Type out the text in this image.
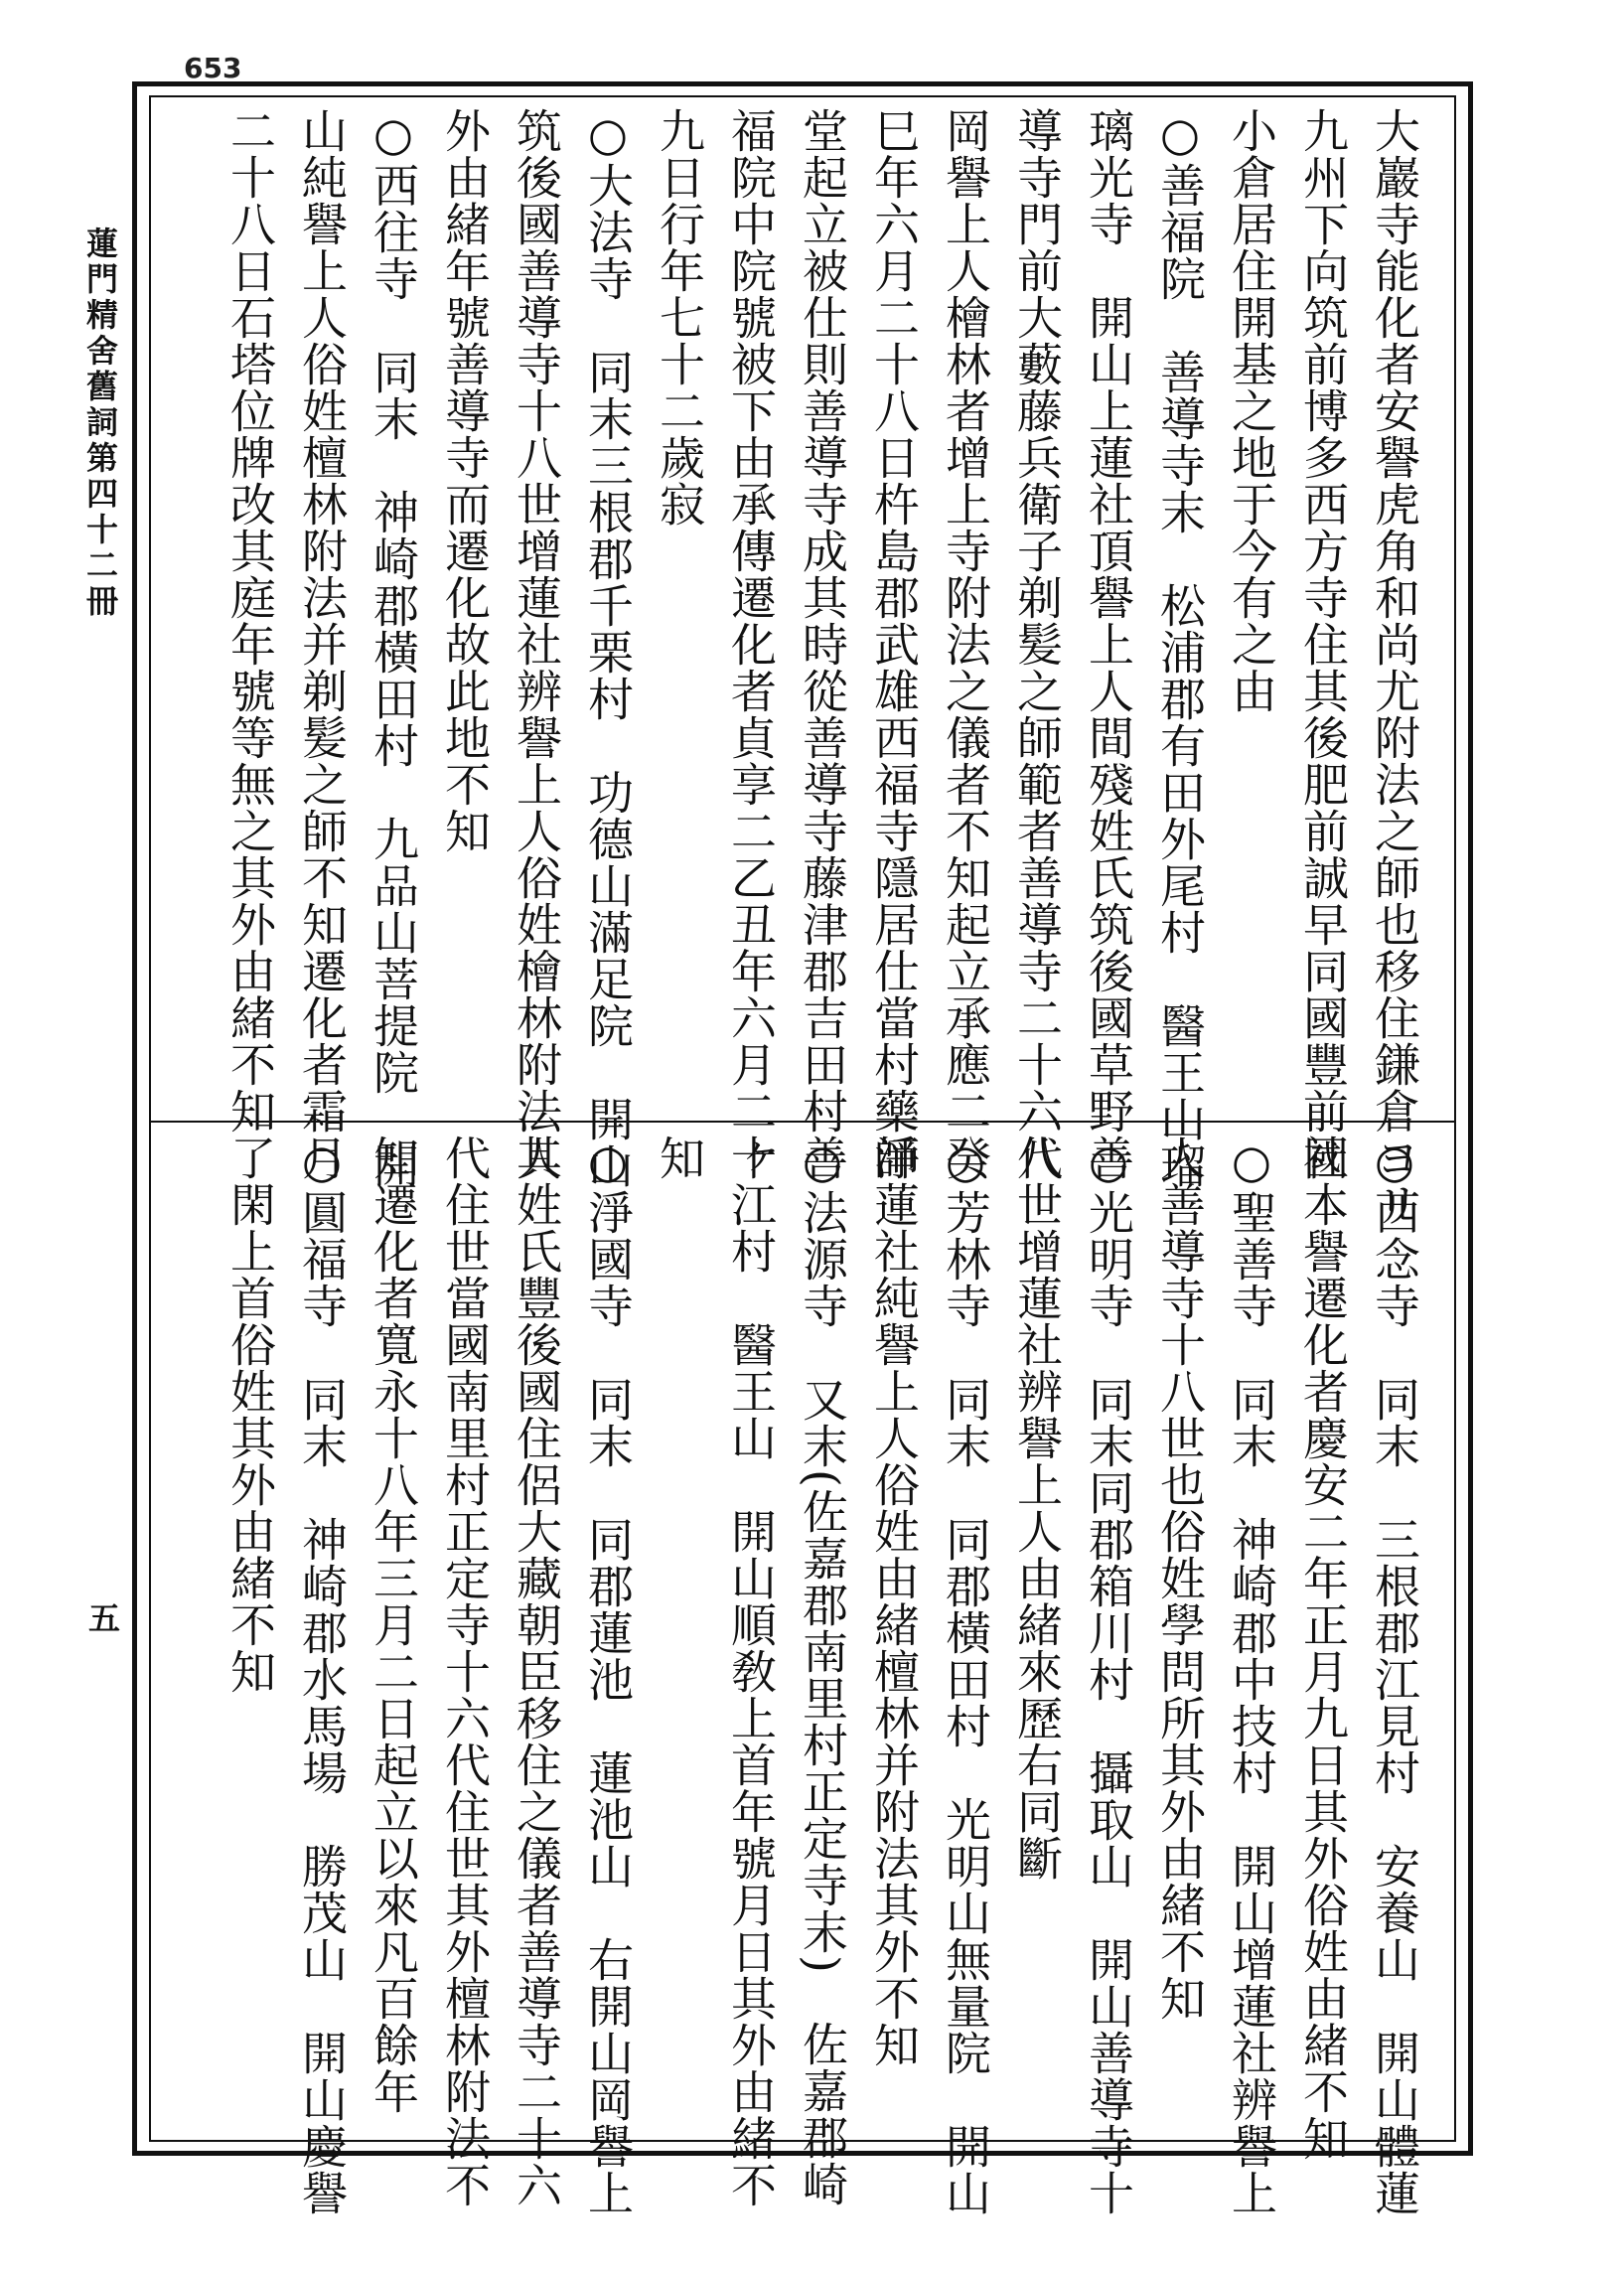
653
蓮門精舍舊詞第四十二冊
五
大巖寺能化者安譽虎角和尚尤附法之師也移住鎌倉ヨリ
九州下向筑前博多西方寺住其後肥前誠早同國豐前國
小倉居住開基之地于今有之由
○善福院　善導寺末　松浦郡有田外尾村　醫王山瑠
璃光寺　開山上蓮社頂譽上人間殘姓氏筑後國草野善
導寺門前大藪藤兵衛子剃髪之師範者善導寺二十六代
岡譽上人檜林者增上寺附法之儀者不知起立承應二癸
巳年六月二十八日杵島郡武雄西福寺隱居仕當村藥師
堂起立被仕則善導寺成其時從善導寺藤津郡吉田村善
福院中院號被下由承傳遷化者貞享二乙丑年六月二十
九日行年七十二歲寂
○大法寺　同末三根郡千栗村　功德山滿足院　開山
筑後國善導寺十八世增蓮社辨譽上人俗姓檜林附法其
外由緒年號善導寺而遷化故此地不知
○西往寺　同末　神崎郡橫田村　九品山菩提院　開
山純譽上人俗姓檀林附法并剃髪之師不知遷化者霜月
二十八日石塔位牌改其庭年號等無之其外由緒不知
○西念寺　同末　三根郡江見村　安養山　開山體蓮
社本譽遷化者慶安二年正月九日其外俗姓由緒不知
○聖善寺　同末　神崎郡中技村　開山增蓮社辨譽上
人善導寺十八世也俗姓學問所其外由緒不知
○光明寺　同末同郡箱川村　攝取山　開山善導寺十
八世增蓮社辨譽上人由緒來歷右同斷
○芳林寺　同末　同郡橫田村　光明山無量院　開山
淨蓮社純譽上人俗姓由緒檀林并附法其外不知
○法源寺　又末(佐嘉郡南里村正定寺末)　佐嘉郡崎
ヶ江村　醫王山　開山順敎上首年號月日其外由緒不
知
○淨國寺　同末　同郡蓮池　蓮池山　右開山岡譽上
人姓氏豐後國住侶大藏朝臣移住之儀者善導寺二十六
代住世當國南里村正定寺十六代住世其外檀林附法不
知遷化者寬永十八年三月二日起立以來凡百餘年
○圓福寺　同末　神崎郡水馬場　勝茂山　開山慶譽
了閑上首俗姓其外由緒不知
